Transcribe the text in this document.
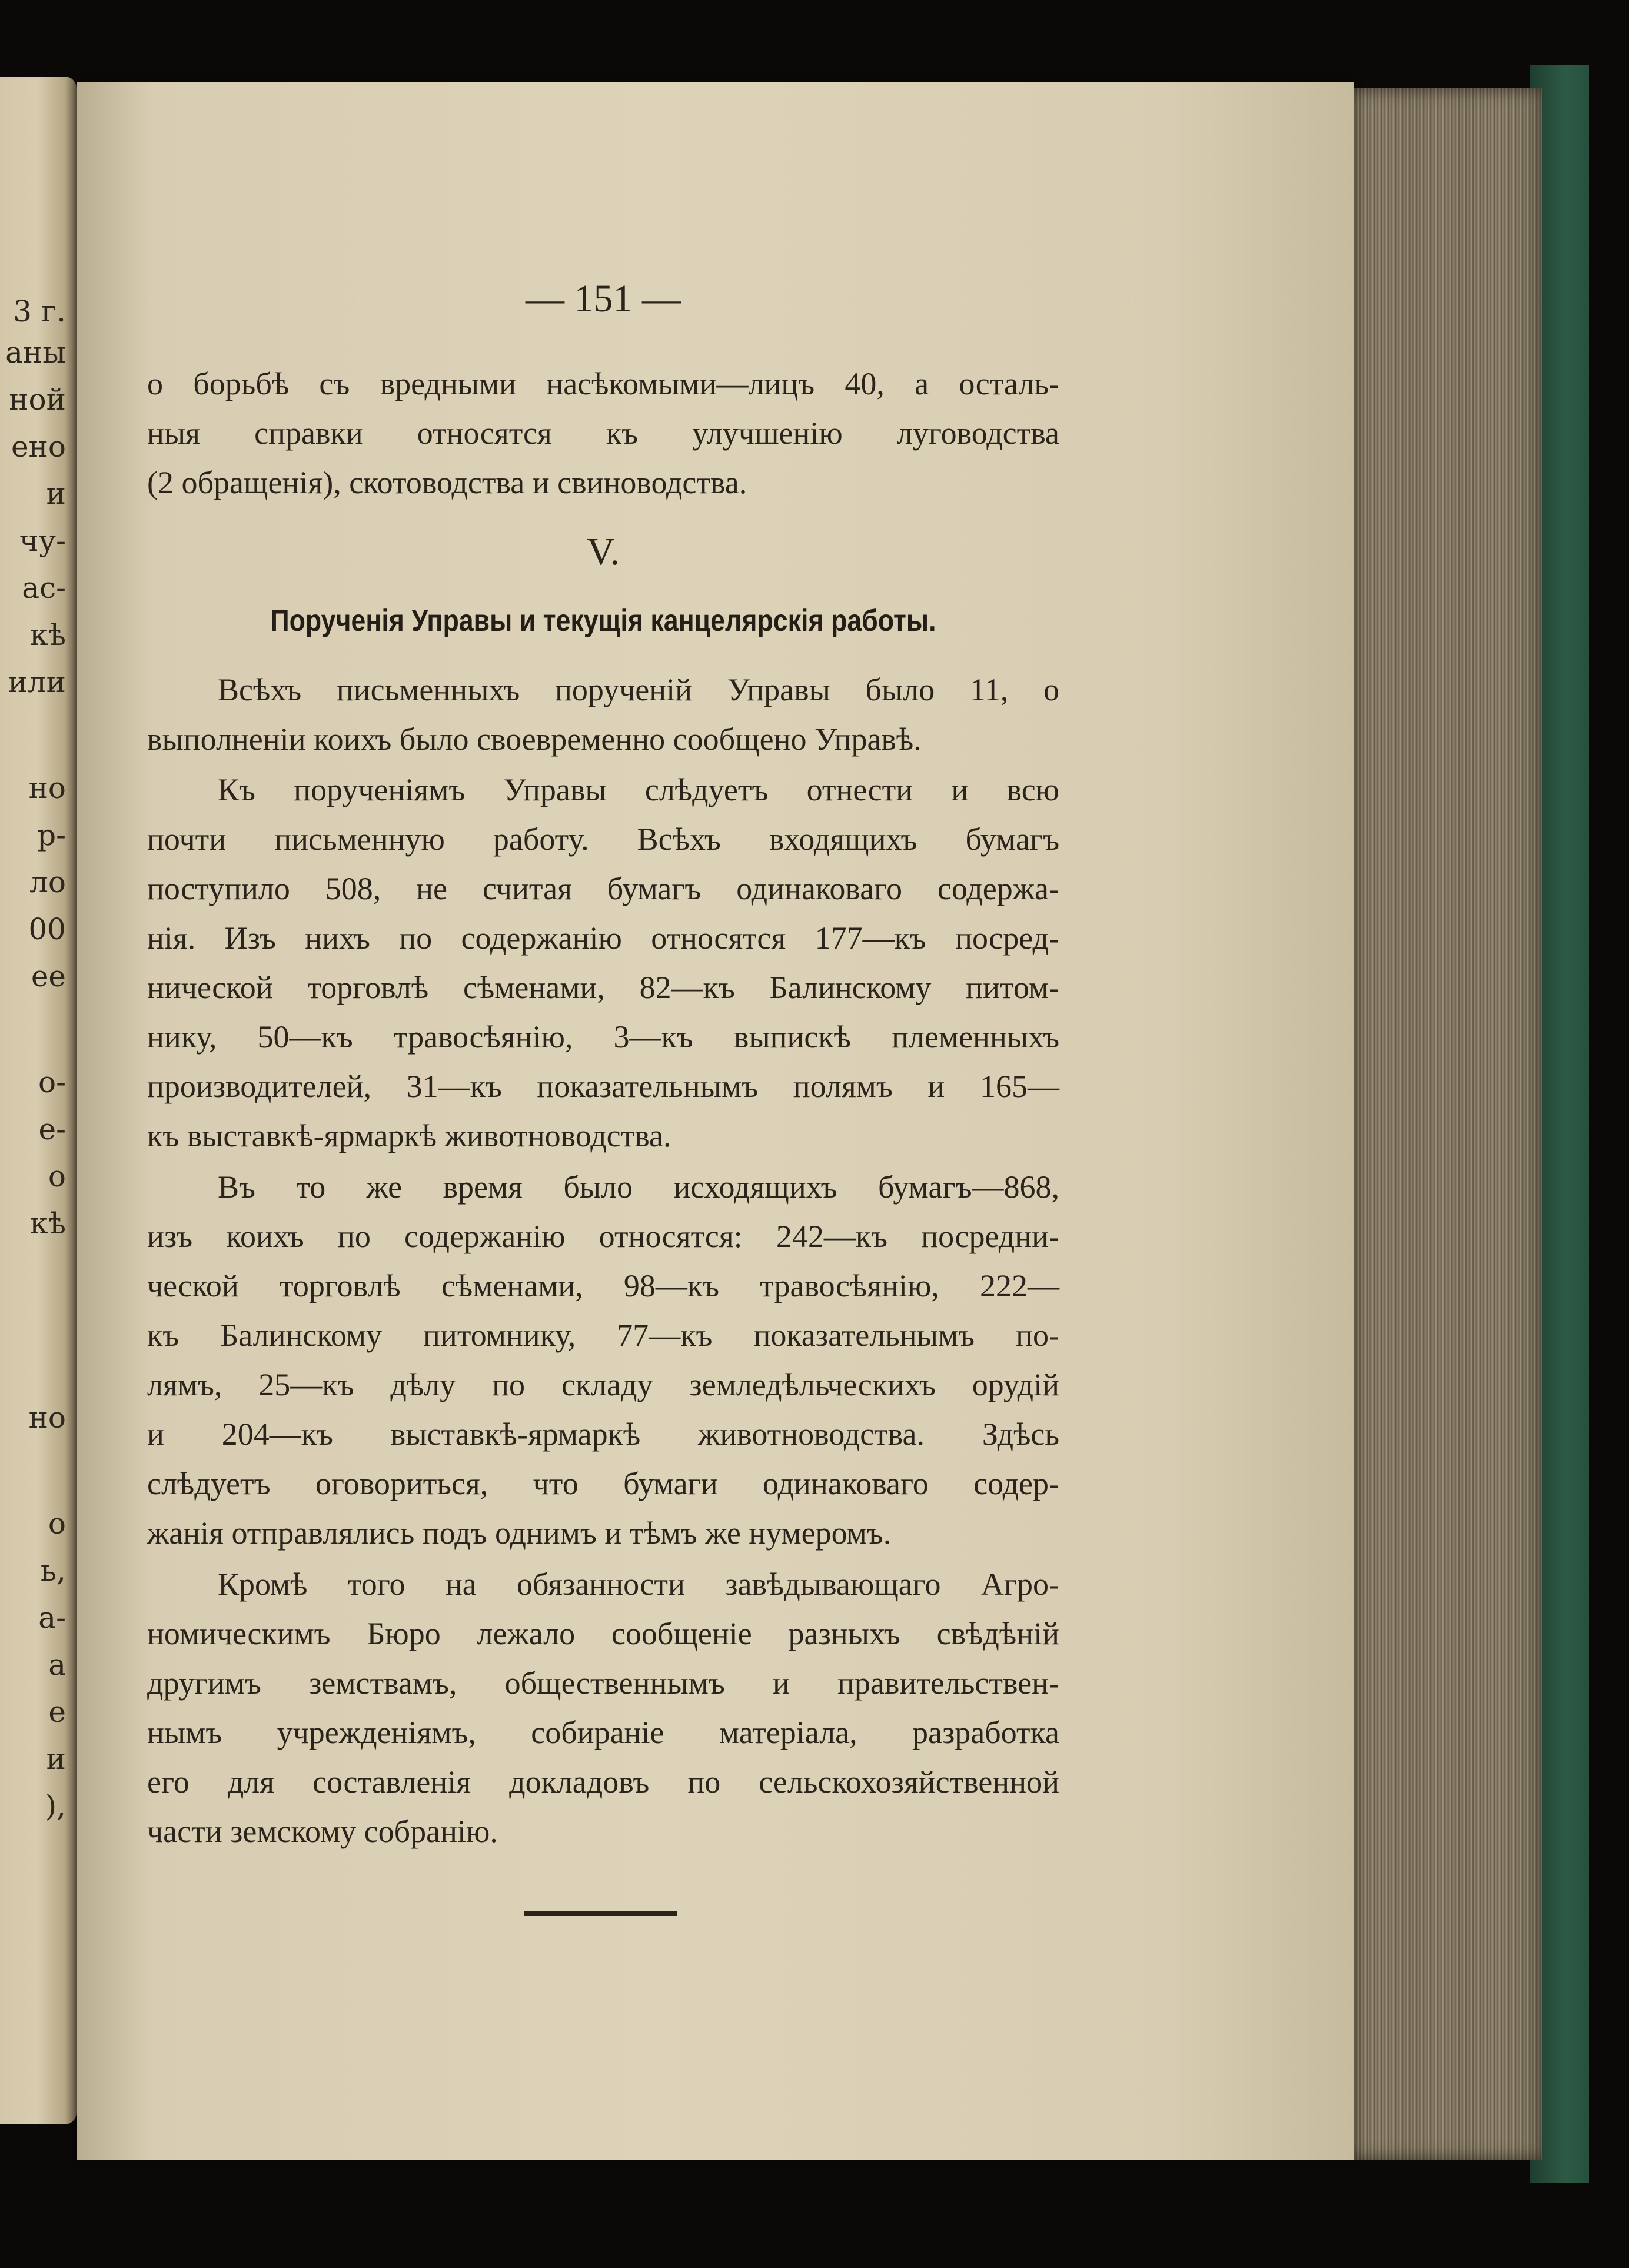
3 г.
аны
ной
ено
и
чу-
ас-
кѣ
или
но
р-
ло
00
ее
о-
е-
о
кѣ
но
о
ь,
а-
а
е
и
),
— 151 —
о борьбѣ съ вредными насѣкомыми—лицъ 40, а осталь-
ныя справки относятся къ улучшенію луговодства
(2 обращенія), скотоводства и свиноводства.
Всѣхъ письменныхъ порученій Управы было 11, о
выполненіи коихъ было своевременно сообщено Управѣ.
Къ порученіямъ Управы слѣдуетъ отнести и всю
почти письменную работу. Всѣхъ входящихъ бумагъ
поступило 508, не считая бумагъ одинаковаго содержа-
нія. Изъ нихъ по содержанію относятся 177—къ посред-
нической торговлѣ сѣменами, 82—къ Балинскому питом-
нику, 50—къ травосѣянію, 3—къ выпискѣ племенныхъ
производителей, 31—къ показательнымъ полямъ и 165—
къ выставкѣ-ярмаркѣ животноводства.
Въ то же время было исходящихъ бумагъ—868,
изъ коихъ по содержанію относятся: 242—къ посредни-
ческой торговлѣ сѣменами, 98—къ травосѣянію, 222—
къ Балинскому питомнику, 77—къ показательнымъ по-
лямъ, 25—къ дѣлу по складу земледѣльческихъ орудій
и 204—къ выставкѣ-ярмаркѣ животноводства. Здѣсь
слѣдуетъ оговориться, что бумаги одинаковаго содер-
жанія отправлялись подъ однимъ и тѣмъ же нумеромъ.
Кромѣ того на обязанности завѣдывающаго Агро-
номическимъ Бюро лежало сообщеніе разныхъ свѣдѣній
другимъ земствамъ, общественнымъ и правительствен-
нымъ учрежденіямъ, собираніе матеріала, разработка
его для составленія докладовъ по сельскохозяйственной
части земскому собранію.
V.
Порученія Управы и текущія канцелярскія работы.
